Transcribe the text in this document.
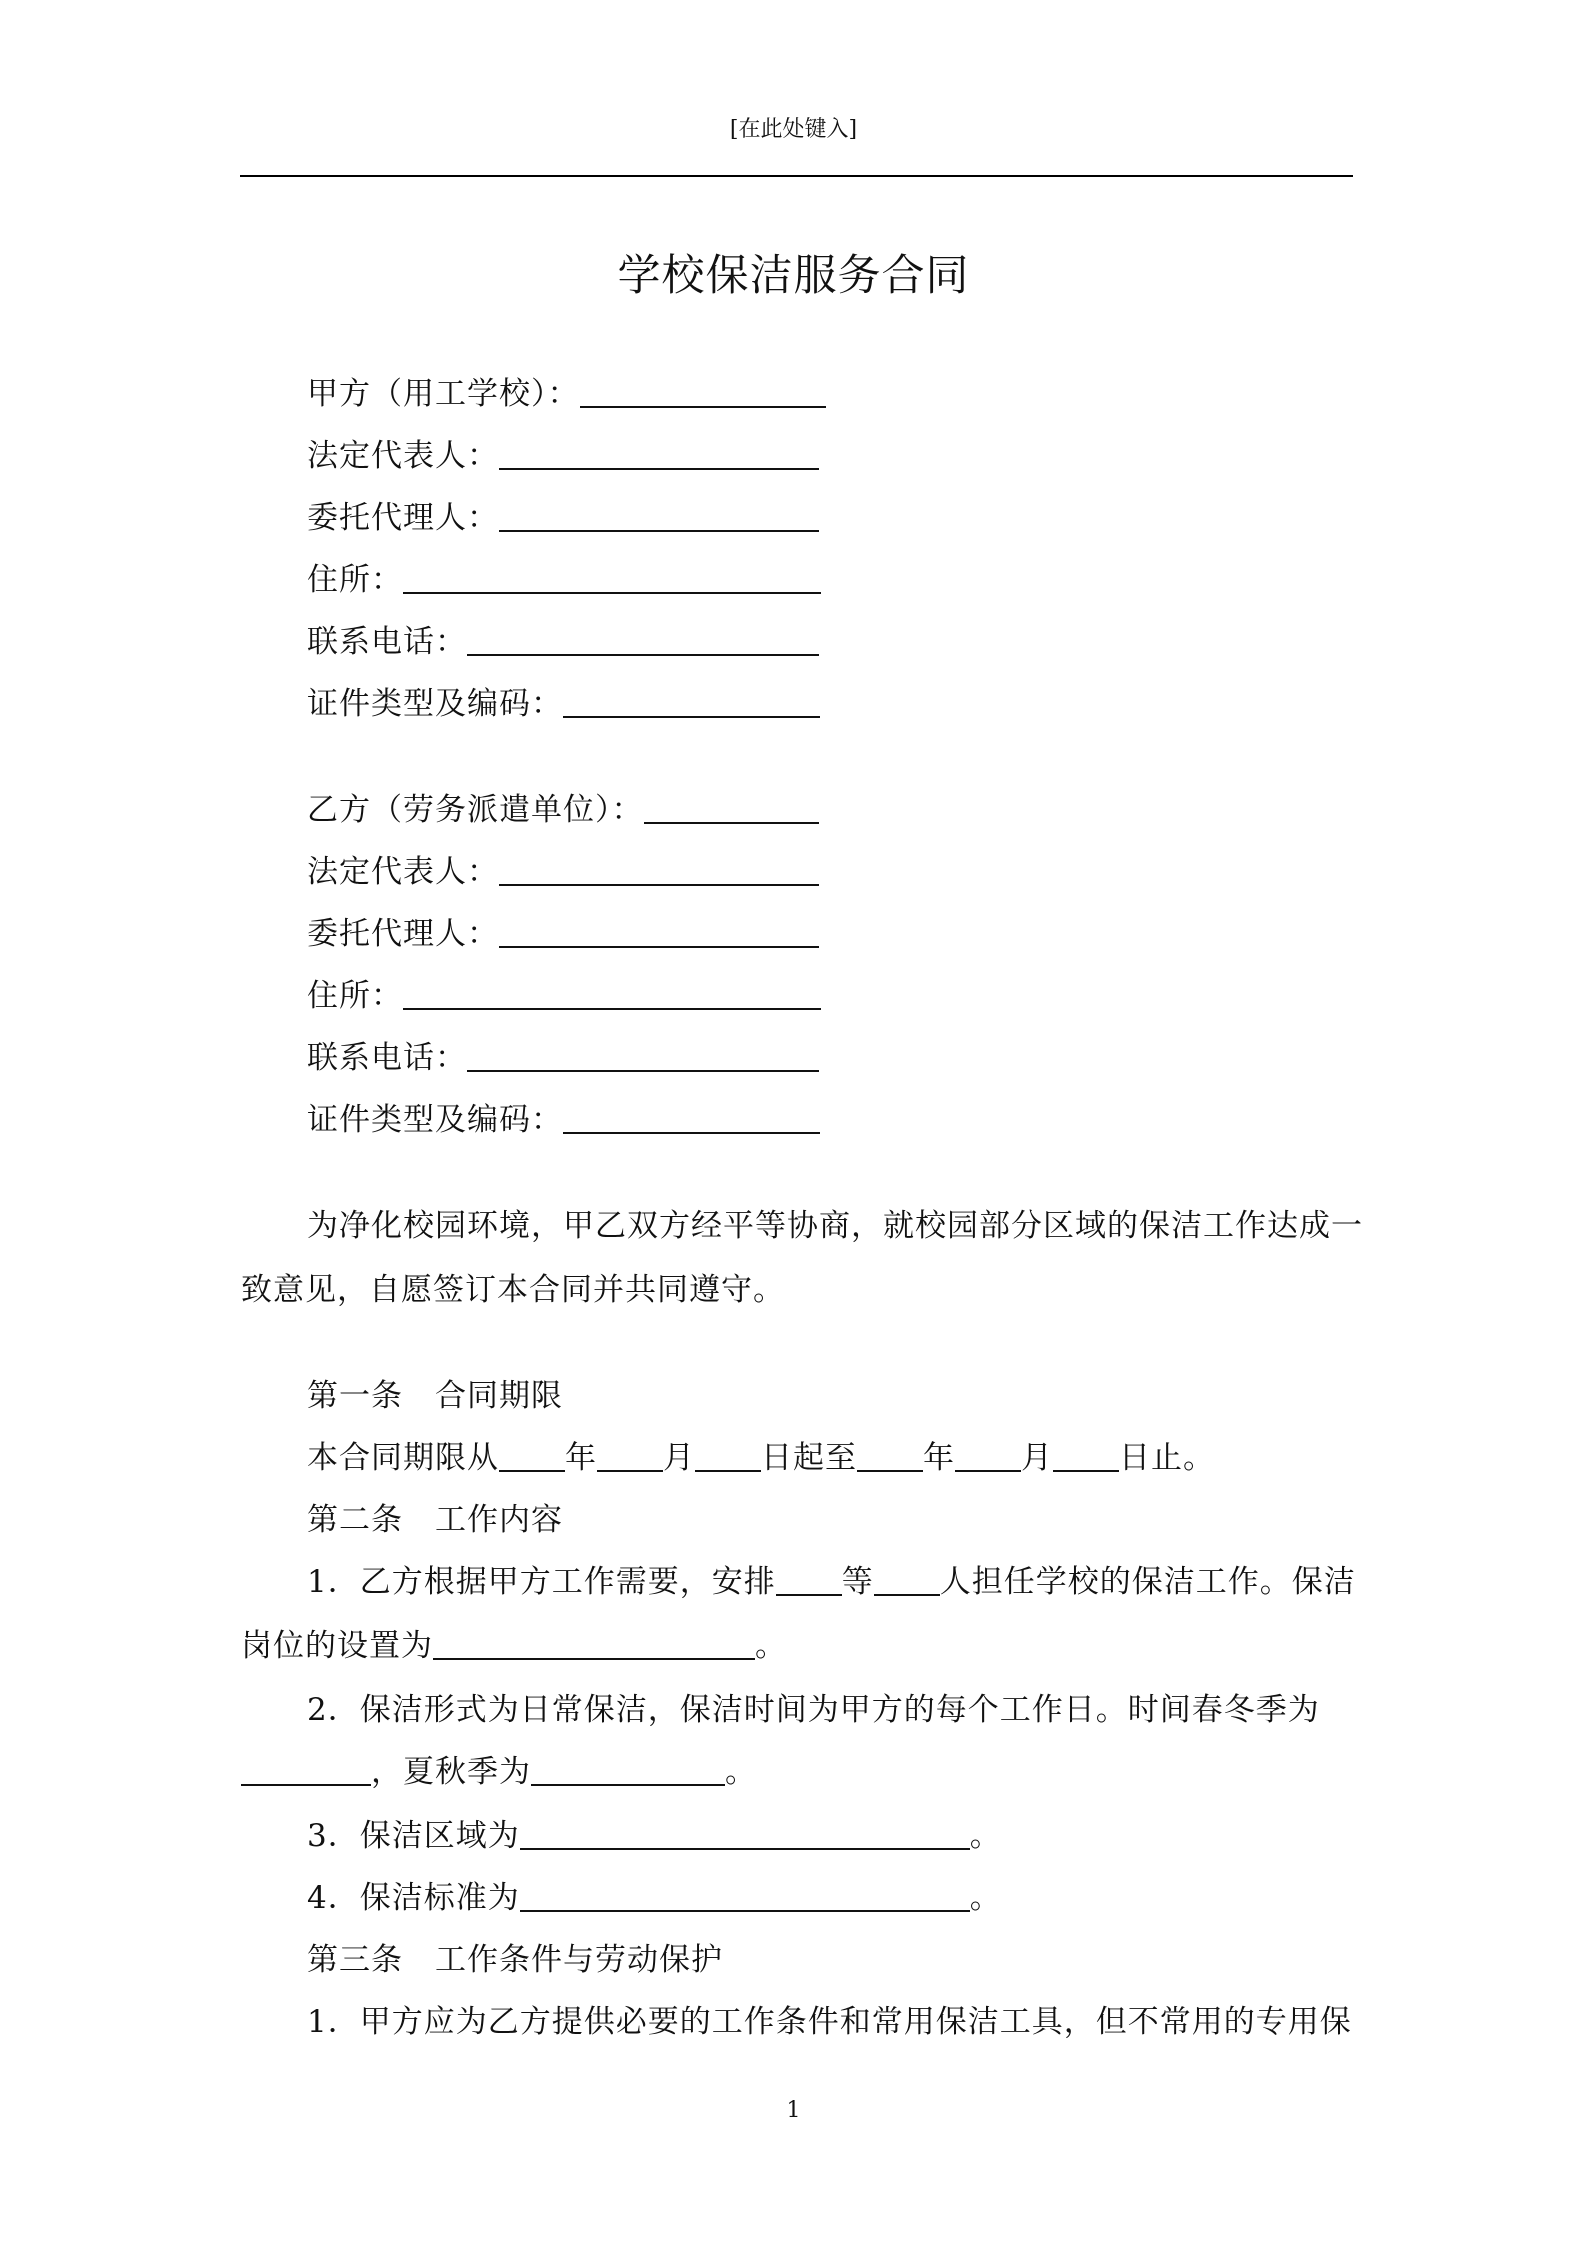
[在此处键入]
学校保洁服务合同
甲方（用工学校）：
法定代表人：
委托代理人：
住所：
联系电话：
证件类型及编码：
乙方（劳务派遣单位）：
法定代表人：
委托代理人：
住所：
联系电话：
证件类型及编码：
为净化校园环境，甲乙双方经平等协商，就校园部分区域的保洁工作达成一
致意见，自愿签订本合同并共同遵守。
第一条　合同期限
本合同期限从 年 月 日起至 年 月 日止。
第二条　工作内容
1．乙方根据甲方工作需要，安排 等 人担任学校的保洁工作。保洁
岗位的设置为	。
2．保洁形式为日常保洁，保洁时间为甲方的每个工作日。时间春冬季为
，夏秋季为	。
3．保洁区域为	。
4．保洁标准为	。
第三条　工作条件与劳动保护
1．甲方应为乙方提供必要的工作条件和常用保洁工具，但不常用的专用保
1
